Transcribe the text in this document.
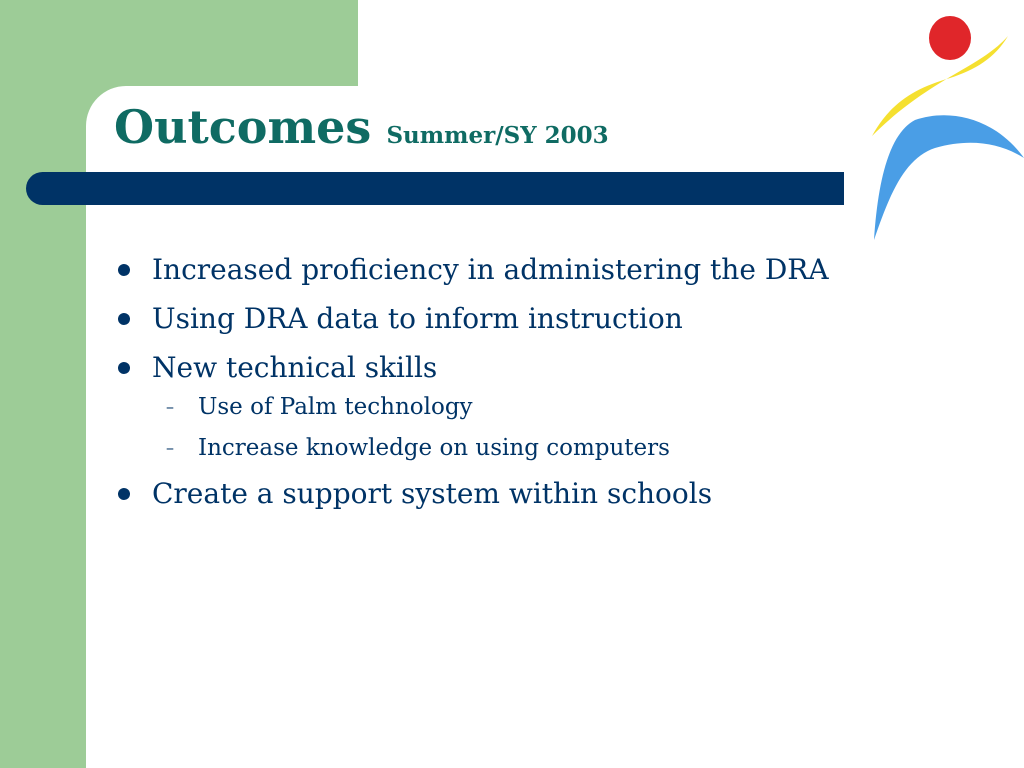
Outcomes Summer/SY 2003
Increased proficiency in administering the DRA
Using DRA data to inform instruction
New technical skills
– Use of Palm technology
– Increase knowledge on using computers
Create a support system within schools
